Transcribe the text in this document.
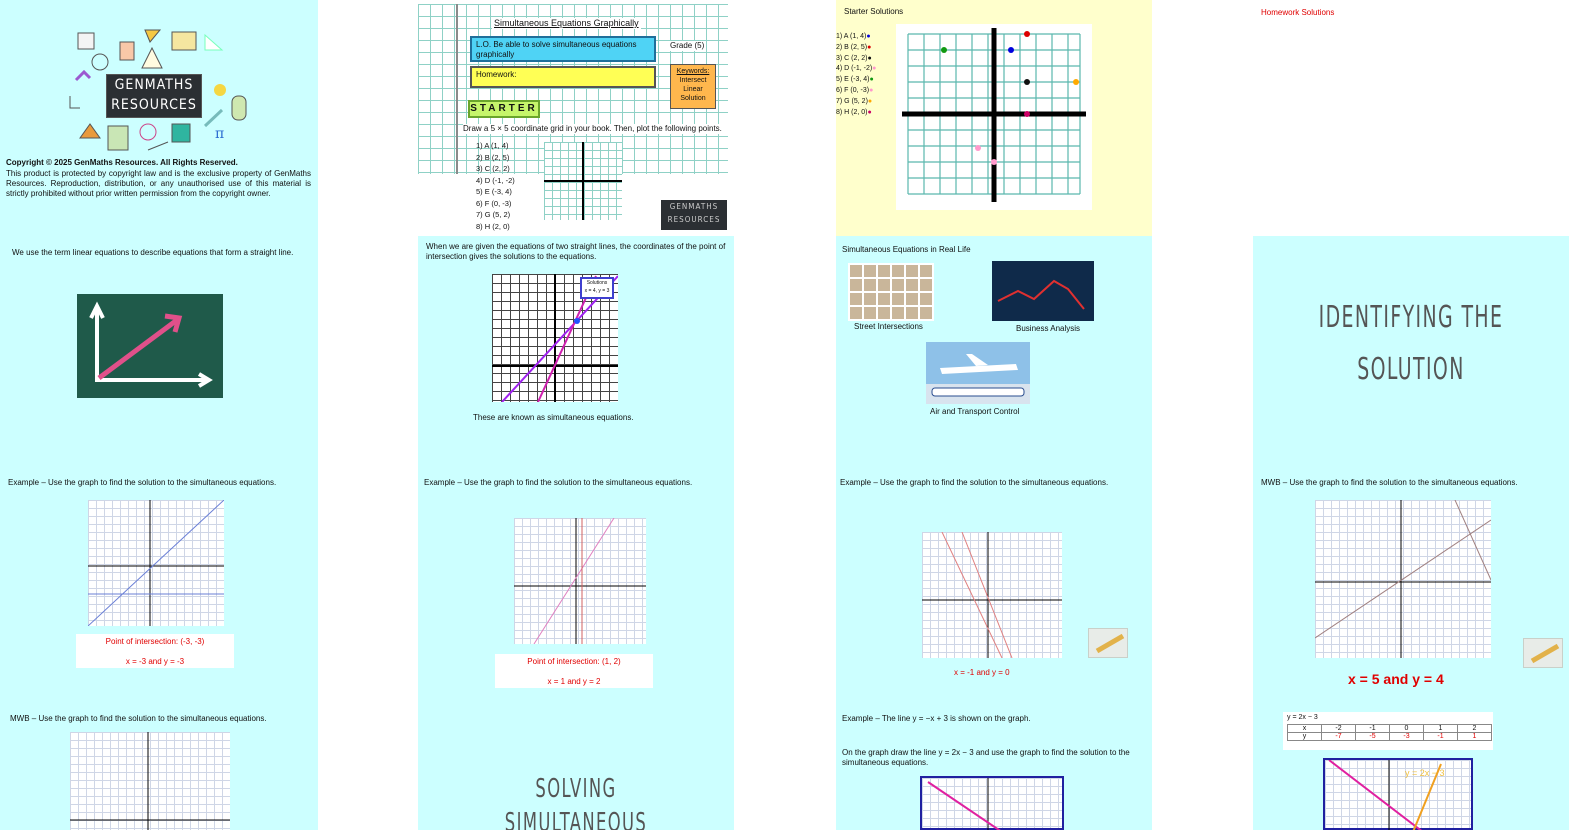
π
GENMATHS
RESOURCES
Copyright © 2025 GenMaths Resources. All Rights Reserved.
This product is protected by copyright law and is the exclusive property of GenMaths Resources. Reproduction, distribution, or any unauthorised use of this material is strictly prohibited without prior written permission from the copyright owner.
Simultaneous Equations Graphically
L.O. Be able to solve simultaneous equations graphically
Grade (5)
Homework:	Keywords:
Intersect
Linear
Solution
STARTER
Draw a 5 × 5 coordinate grid in your book. Then, plot the following points.
1) A (1, 4)
2) B (2, 5)
3) C (2, 2)
4) D (-1, -2)
5) E (-3, 4)
6) F (0, -3)
7) G (5, 2)
8) H (2, 0)
GENMATHS
RESOURCES
Starter Solutions
1) A (1, 4)●
2) B (2, 5)●
3) C (2, 2)●
4) D (-1, -2)●
5) E (-3, 4)●
6) F (0, -3)●
7) G (5, 2)●
8) H (2, 0)●
Homework Solutions
We use the term linear equations to describe equations that form a straight line.
When we are given the equations of two straight lines, the coordinates of the point of intersection gives the solutions to the equations.
Solutions
x = 4, y = 3
These are known as simultaneous equations.
Simultaneous Equations in Real Life
Street Intersections	Business Analysis
Air and Transport Control
IDENTIFYING THE
SOLUTION
Example – Use the graph to find the solution to the simultaneous equations.
Point of intersection: (-3, -3)
x = -3 and y = -3
Example – Use the graph to find the solution to the simultaneous equations.
Point of intersection: (1, 2)
x = 1 and y = 2
Example – Use the graph to find the solution to the simultaneous equations.
x = -1 and y = 0
MWB – Use the graph to find the solution to the simultaneous equations.
x = 5 and y = 4
MWB – Use the graph to find the solution to the simultaneous equations.
SOLVING SIMULTANEOUS
Example – The line y = −x + 3 is shown on the graph.
On the graph draw the line y = 2x − 3 and use the graph to find the solution to the simultaneous equations.
y = 2x − 3
x	-2	-1	0	1	2
y	-7	-5	-3	-1	1
y = 2x − 3
